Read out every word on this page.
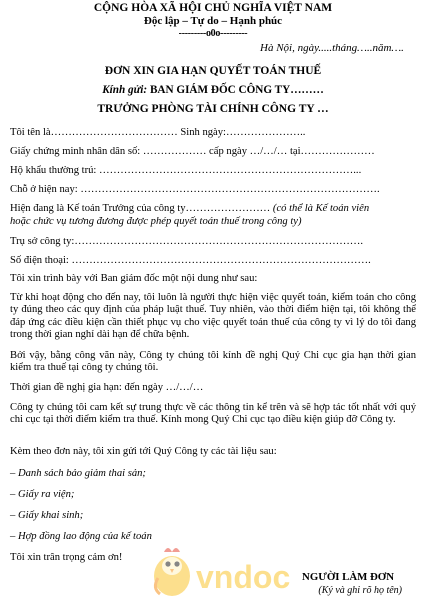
CỘNG HÒA XÃ HỘI CHỦ NGHĨA VIỆT NAM
Độc lập – Tự do – Hạnh phúc
---------o0o---------
Hà Nội, ngày.....tháng…..năm….
ĐƠN XIN GIA HẠN QUYẾT TOÁN THUẾ
Kính gửi: BAN GIÁM ĐỐC CÔNG TY………
TRƯỞNG PHÒNG TÀI CHÍNH CÔNG TY …
Tôi tên là……………………………… Sinh ngày:…………………..
Giấy chứng minh nhân dân số: ……………… cấp ngày …/…/… tại…………………
Hộ khẩu thường trú: ………………………………………………………………...
Chỗ ở hiện nay: ………………………………………………………………………….
Hiện đang là Kế toán Trưởng của công ty…………………… (có thể là Kế toán viên
hoặc chức vụ tương đương được phép quyết toán thuế trong công ty)
Trụ sở công ty:……………………………………………………………………….
Số điện thoại: ………………………………………………………………………….
Tôi xin trình bày với Ban giám đốc một nội dung như sau:
Từ khi hoạt động cho đến nay, tôi luôn là người thực hiện việc quyết toán, kiểm toán cho công ty đúng theo các quy định của pháp luật thuế. Tuy nhiên, vào thời điểm hiện tại, tôi không thể đáp ứng các điều kiện cần thiết phục vụ cho việc quyết toán thuế của công ty vì lý do tôi đang trong thời gian nghỉ dài hạn để chữa bệnh.
Bởi vậy, bằng công văn này, Công ty chúng tôi kính đề nghị Quý Chi cục gia hạn thời gian kiểm tra thuế tại công ty chúng tôi.
Thời gian đề nghị gia hạn: đến ngày …/…/…
Công ty chúng tôi cam kết sự trung thực về các thông tin kể trên và sẽ hợp tác tốt nhất với quý chi cục tại thời điểm kiểm tra thuế. Kính mong Quý Chi cục tạo điều kiện giúp đỡ Công ty.
Kèm theo đơn này, tôi xin gửi tới Quý Công ty các tài liệu sau:
– Danh sách bảo giảm thai sản;
– Giấy ra viện;
– Giấy khai sinh;
– Hợp đồng lao động của kế toán
Tôi xin trân trọng cảm ơn!
vndoc NGƯỜI LÀM ĐƠN
(Ký và ghi rõ họ tên)
